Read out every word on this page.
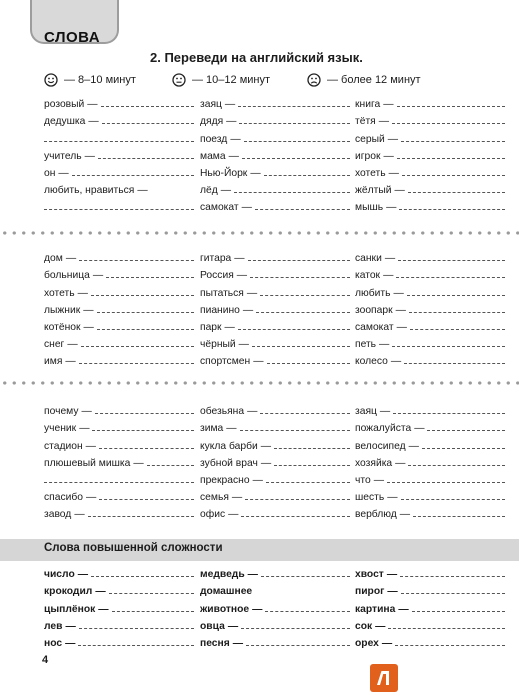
СЛОВА
2. Переведи на английский язык.
— 8–10 минут	— 10–12 минут	— более 12 минут
розовый —
дедушка —
учитель —
он —
любить, нравиться —
заяц —
дядя —
поезд —
мама —
Нью-Йорк —
лёд —
самокат —
книга —
тётя —
серый —
игрок —
хотеть —
жёлтый —
мышь —
дом —
больница —
хотеть —
лыжник —
котёнок —
снег —
имя —
гитара —
Россия —
пытаться —
пианино —
парк —
чёрный —
спортсмен —
санки —
каток —
любить —
зоопарк —
самокат —
петь —
колесо —
почему —
ученик —
стадион —
плюшевый мишка —
спасибо —
завод —
обезьяна —
зима —
кукла барби —
зубной врач —
прекрасно —
семья —
офис —
заяц —
пожалуйста —
велосипед —
хозяйка —
что —
шесть —
верблюд —
Слова повышенной сложности
число —
крокодил —
цыплёнок —
лев —
нос —
медведь —
домашнее
животное —
овца —
песня —
хвост —
пирог —
картина —
сок —
орех —
4
